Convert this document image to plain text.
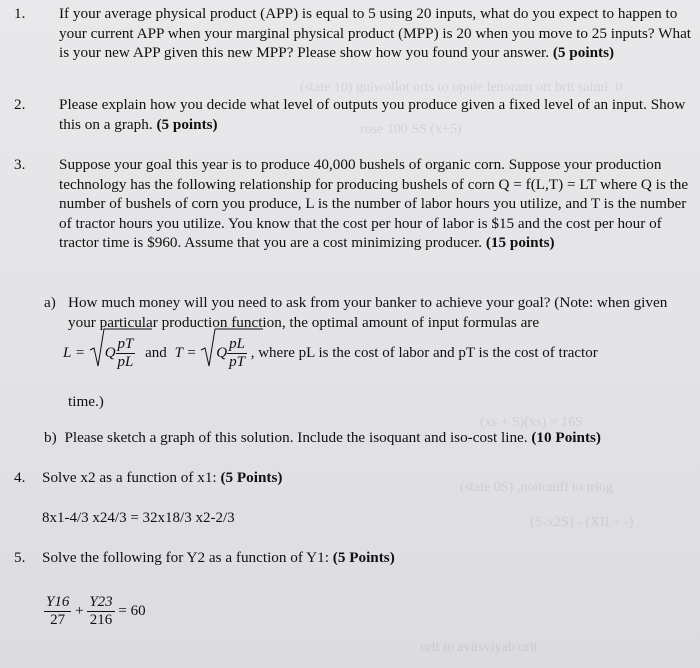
(state 10) guiwollot orts to opole lenoram ort brit salmi .0
rose 100 SS (x+5)
(xs + S)(xs) = 16S
(state 0S) ,noitonifl to triog
(S-x2S) - (XII + -)
orit to avitsviyab orit
1.	If your average physical product (APP) is equal to 5 using 20 inputs, what do you expect to happen to your current APP when your marginal physical product (MPP) is 20 when you move to 25 inputs? What is your new APP given this new MPP? Please show how you found your answer. (5 points)
2.	Please explain how you decide what level of outputs you produce given a fixed level of an input. Show this on a graph. (5 points)
3.	Suppose your goal this year is to produce 40,000 bushels of organic corn. Suppose your production technology has the following relationship for producing bushels of corn Q = f(L,T) = LT where Q is the number of bushels of corn you produce, L is the number of labor hours you utilize, and T is the number of tractor hours you utilize. You know that the cost per hour of labor is $15 and the cost per hour of tractor time is $960. Assume that you are a cost minimizing producer. (15 points)
a) How much money will you need to ask from your banker to achieve your goal? (Note: when given your particular production function, the optimal amount of input formulas are
L = Q $\frac{pT}{pL}$ and T = Q $\frac{pL}{pT}$ , where pL is the cost of labor and pT is the cost of tractor
time.)
b) Please sketch a graph of this solution. Include the isoquant and iso-cost line. (10 Points)
4.	Solve x2 as a function of x1: (5 Points)
8x1-4/3 x24/3 = 32x18/3 x2-2/3
5.	Solve the following for Y2 as a function of Y1: (5 Points)
$\frac{Y16}{27} + \frac{Y23}{216} = 60$
